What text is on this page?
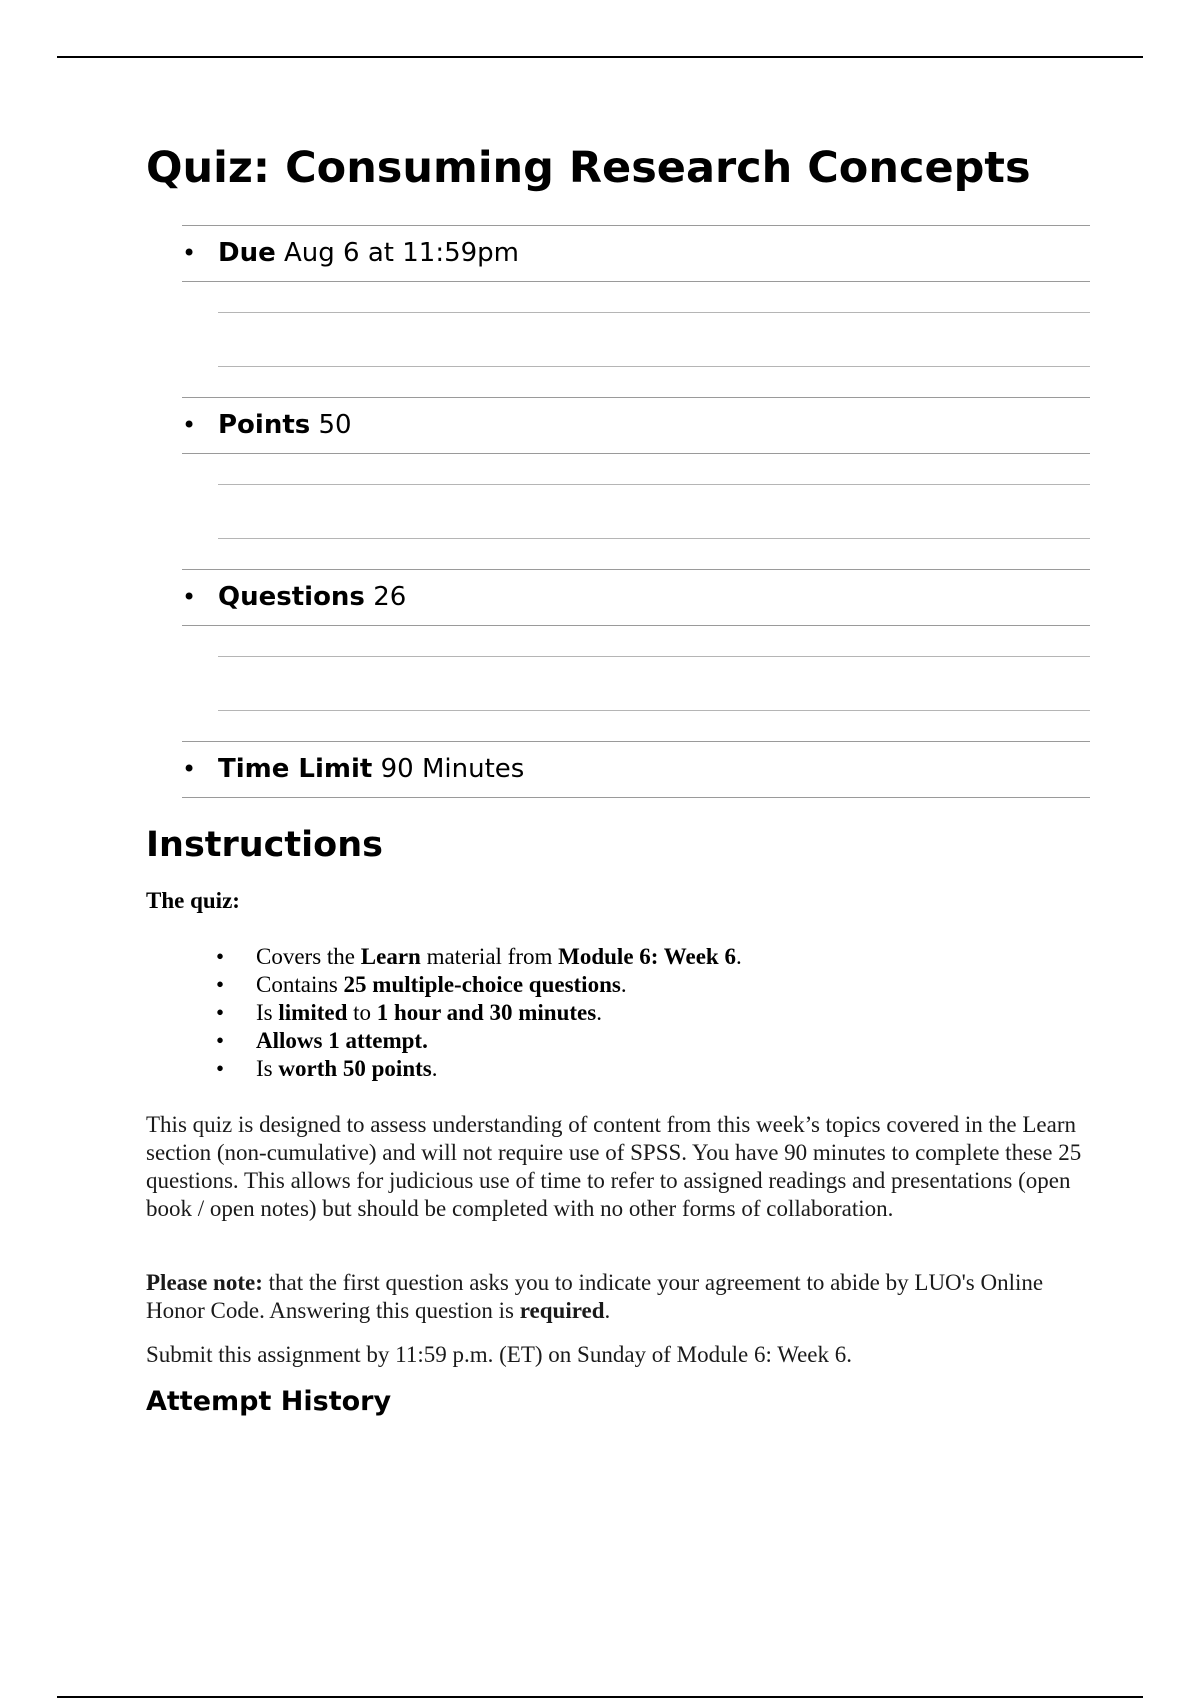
Quiz: Consuming Research Concepts
• Due Aug 6 at 11:59pm
• Points 50
• Questions 26
• Time Limit 90 Minutes
Instructions

The quiz:

• Covers the Learn material from Module 6: Week 6.
• Contains 25 multiple-choice questions.
• Is limited to 1 hour and 30 minutes.
• Allows 1 attempt.
• Is worth 50 points.

This quiz is designed to assess understanding of content from this week’s topics covered in the Learn section (non-cumulative) and will not require use of SPSS. You have 90 minutes to complete these 25 questions. This allows for judicious use of time to refer to assigned readings and presentations (open book / open notes) but should be completed with no other forms of collaboration.

Please note: that the first question asks you to indicate your agreement to abide by LUO's Online Honor Code. Answering this question is required.

Submit this assignment by 11:59 p.m. (ET) on Sunday of Module 6: Week 6.

Attempt History
